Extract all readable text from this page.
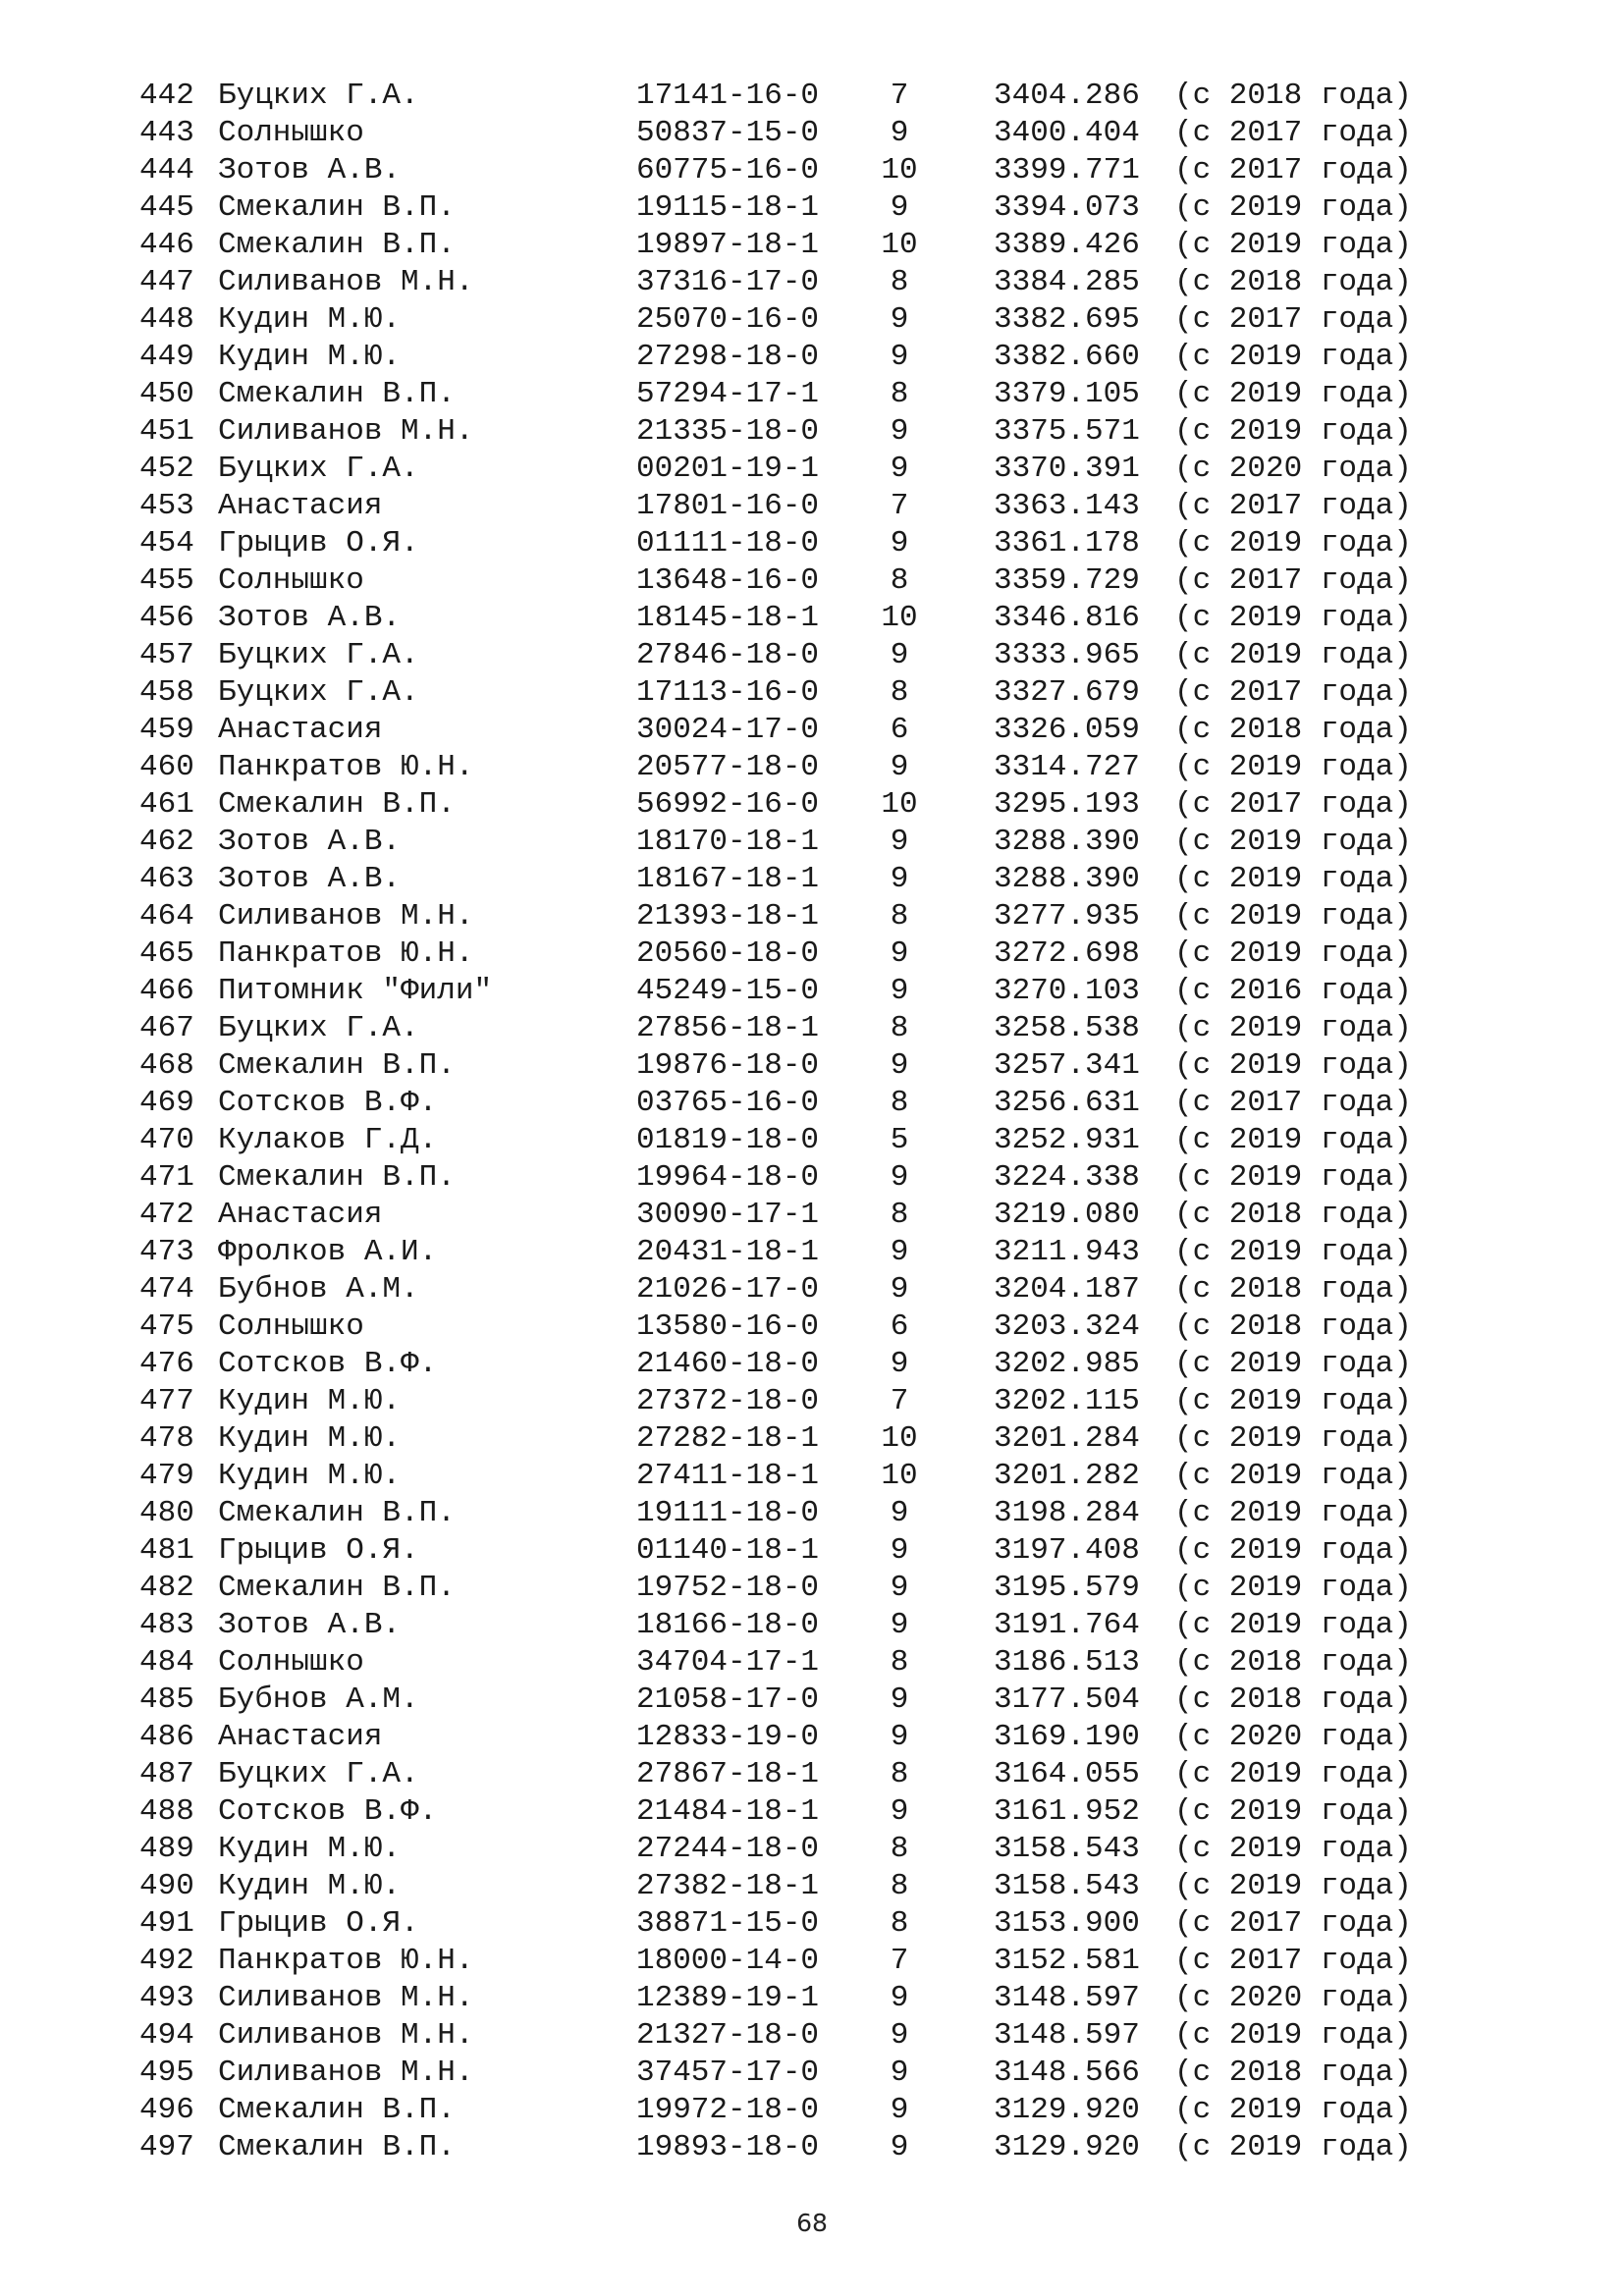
442 Буцких Г.А.	17141-16-0	7	3404.286 (с 2018 года)
443 Солнышко	50837-15-0	9	3400.404 (с 2017 года)
444 Зотов А.В.	60775-16-0	10	3399.771 (с 2017 года)
445 Смекалин В.П.	19115-18-1	9	3394.073 (с 2019 года)
446 Смекалин В.П.	19897-18-1	10	3389.426 (с 2019 года)
447 Силиванов М.Н.	37316-17-0	8	3384.285 (с 2018 года)
448 Кудин М.Ю.	25070-16-0	9	3382.695 (с 2017 года)
449 Кудин М.Ю.	27298-18-0	9	3382.660 (с 2019 года)
450 Смекалин В.П.	57294-17-1	8	3379.105 (с 2019 года)
451 Силиванов М.Н.	21335-18-0	9	3375.571 (с 2019 года)
452 Буцких Г.А.	00201-19-1	9	3370.391 (с 2020 года)
453 Анастасия	17801-16-0	7	3363.143 (с 2017 года)
454 Грыцив О.Я.	01111-18-0	9	3361.178 (с 2019 года)
455 Солнышко	13648-16-0	8	3359.729 (с 2017 года)
456 Зотов А.В.	18145-18-1	10	3346.816 (с 2019 года)
457 Буцких Г.А.	27846-18-0	9	3333.965 (с 2019 года)
458 Буцких Г.А.	17113-16-0	8	3327.679 (с 2017 года)
459 Анастасия	30024-17-0	6	3326.059 (с 2018 года)
460 Панкратов Ю.Н.	20577-18-0	9	3314.727 (с 2019 года)
461 Смекалин В.П.	56992-16-0	10	3295.193 (с 2017 года)
462 Зотов А.В.	18170-18-1	9	3288.390 (с 2019 года)
463 Зотов А.В.	18167-18-1	9	3288.390 (с 2019 года)
464 Силиванов М.Н.	21393-18-1	8	3277.935 (с 2019 года)
465 Панкратов Ю.Н.	20560-18-0	9	3272.698 (с 2019 года)
466 Питомник "Фили"	45249-15-0	9	3270.103 (с 2016 года)
467 Буцких Г.А.	27856-18-1	8	3258.538 (с 2019 года)
468 Смекалин В.П.	19876-18-0	9	3257.341 (с 2019 года)
469 Сотсков В.Ф.	03765-16-0	8	3256.631 (с 2017 года)
470 Кулаков Г.Д.	01819-18-0	5	3252.931 (с 2019 года)
471 Смекалин В.П.	19964-18-0	9	3224.338 (с 2019 года)
472 Анастасия	30090-17-1	8	3219.080 (с 2018 года)
473 Фролков А.И.	20431-18-1	9	3211.943 (с 2019 года)
474 Бубнов А.М.	21026-17-0	9	3204.187 (с 2018 года)
475 Солнышко	13580-16-0	6	3203.324 (с 2018 года)
476 Сотсков В.Ф.	21460-18-0	9	3202.985 (с 2019 года)
477 Кудин М.Ю.	27372-18-0	7	3202.115 (с 2019 года)
478 Кудин М.Ю.	27282-18-1	10	3201.284 (с 2019 года)
479 Кудин М.Ю.	27411-18-1	10	3201.282 (с 2019 года)
480 Смекалин В.П.	19111-18-0	9	3198.284 (с 2019 года)
481 Грыцив О.Я.	01140-18-1	9	3197.408 (с 2019 года)
482 Смекалин В.П.	19752-18-0	9	3195.579 (с 2019 года)
483 Зотов А.В.	18166-18-0	9	3191.764 (с 2019 года)
484 Солнышко	34704-17-1	8	3186.513 (с 2018 года)
485 Бубнов А.М.	21058-17-0	9	3177.504 (с 2018 года)
486 Анастасия	12833-19-0	9	3169.190 (с 2020 года)
487 Буцких Г.А.	27867-18-1	8	3164.055 (с 2019 года)
488 Сотсков В.Ф.	21484-18-1	9	3161.952 (с 2019 года)
489 Кудин М.Ю.	27244-18-0	8	3158.543 (с 2019 года)
490 Кудин М.Ю.	27382-18-1	8	3158.543 (с 2019 года)
491 Грыцив О.Я.	38871-15-0	8	3153.900 (с 2017 года)
492 Панкратов Ю.Н.	18000-14-0	7	3152.581 (с 2017 года)
493 Силиванов М.Н.	12389-19-1	9	3148.597 (с 2020 года)
494 Силиванов М.Н.	21327-18-0	9	3148.597 (с 2019 года)
495 Силиванов М.Н.	37457-17-0	9	3148.566 (с 2018 года)
496 Смекалин В.П.	19972-18-0	9	3129.920 (с 2019 года)
497 Смекалин В.П.	19893-18-0	9	3129.920 (с 2019 года)
68
